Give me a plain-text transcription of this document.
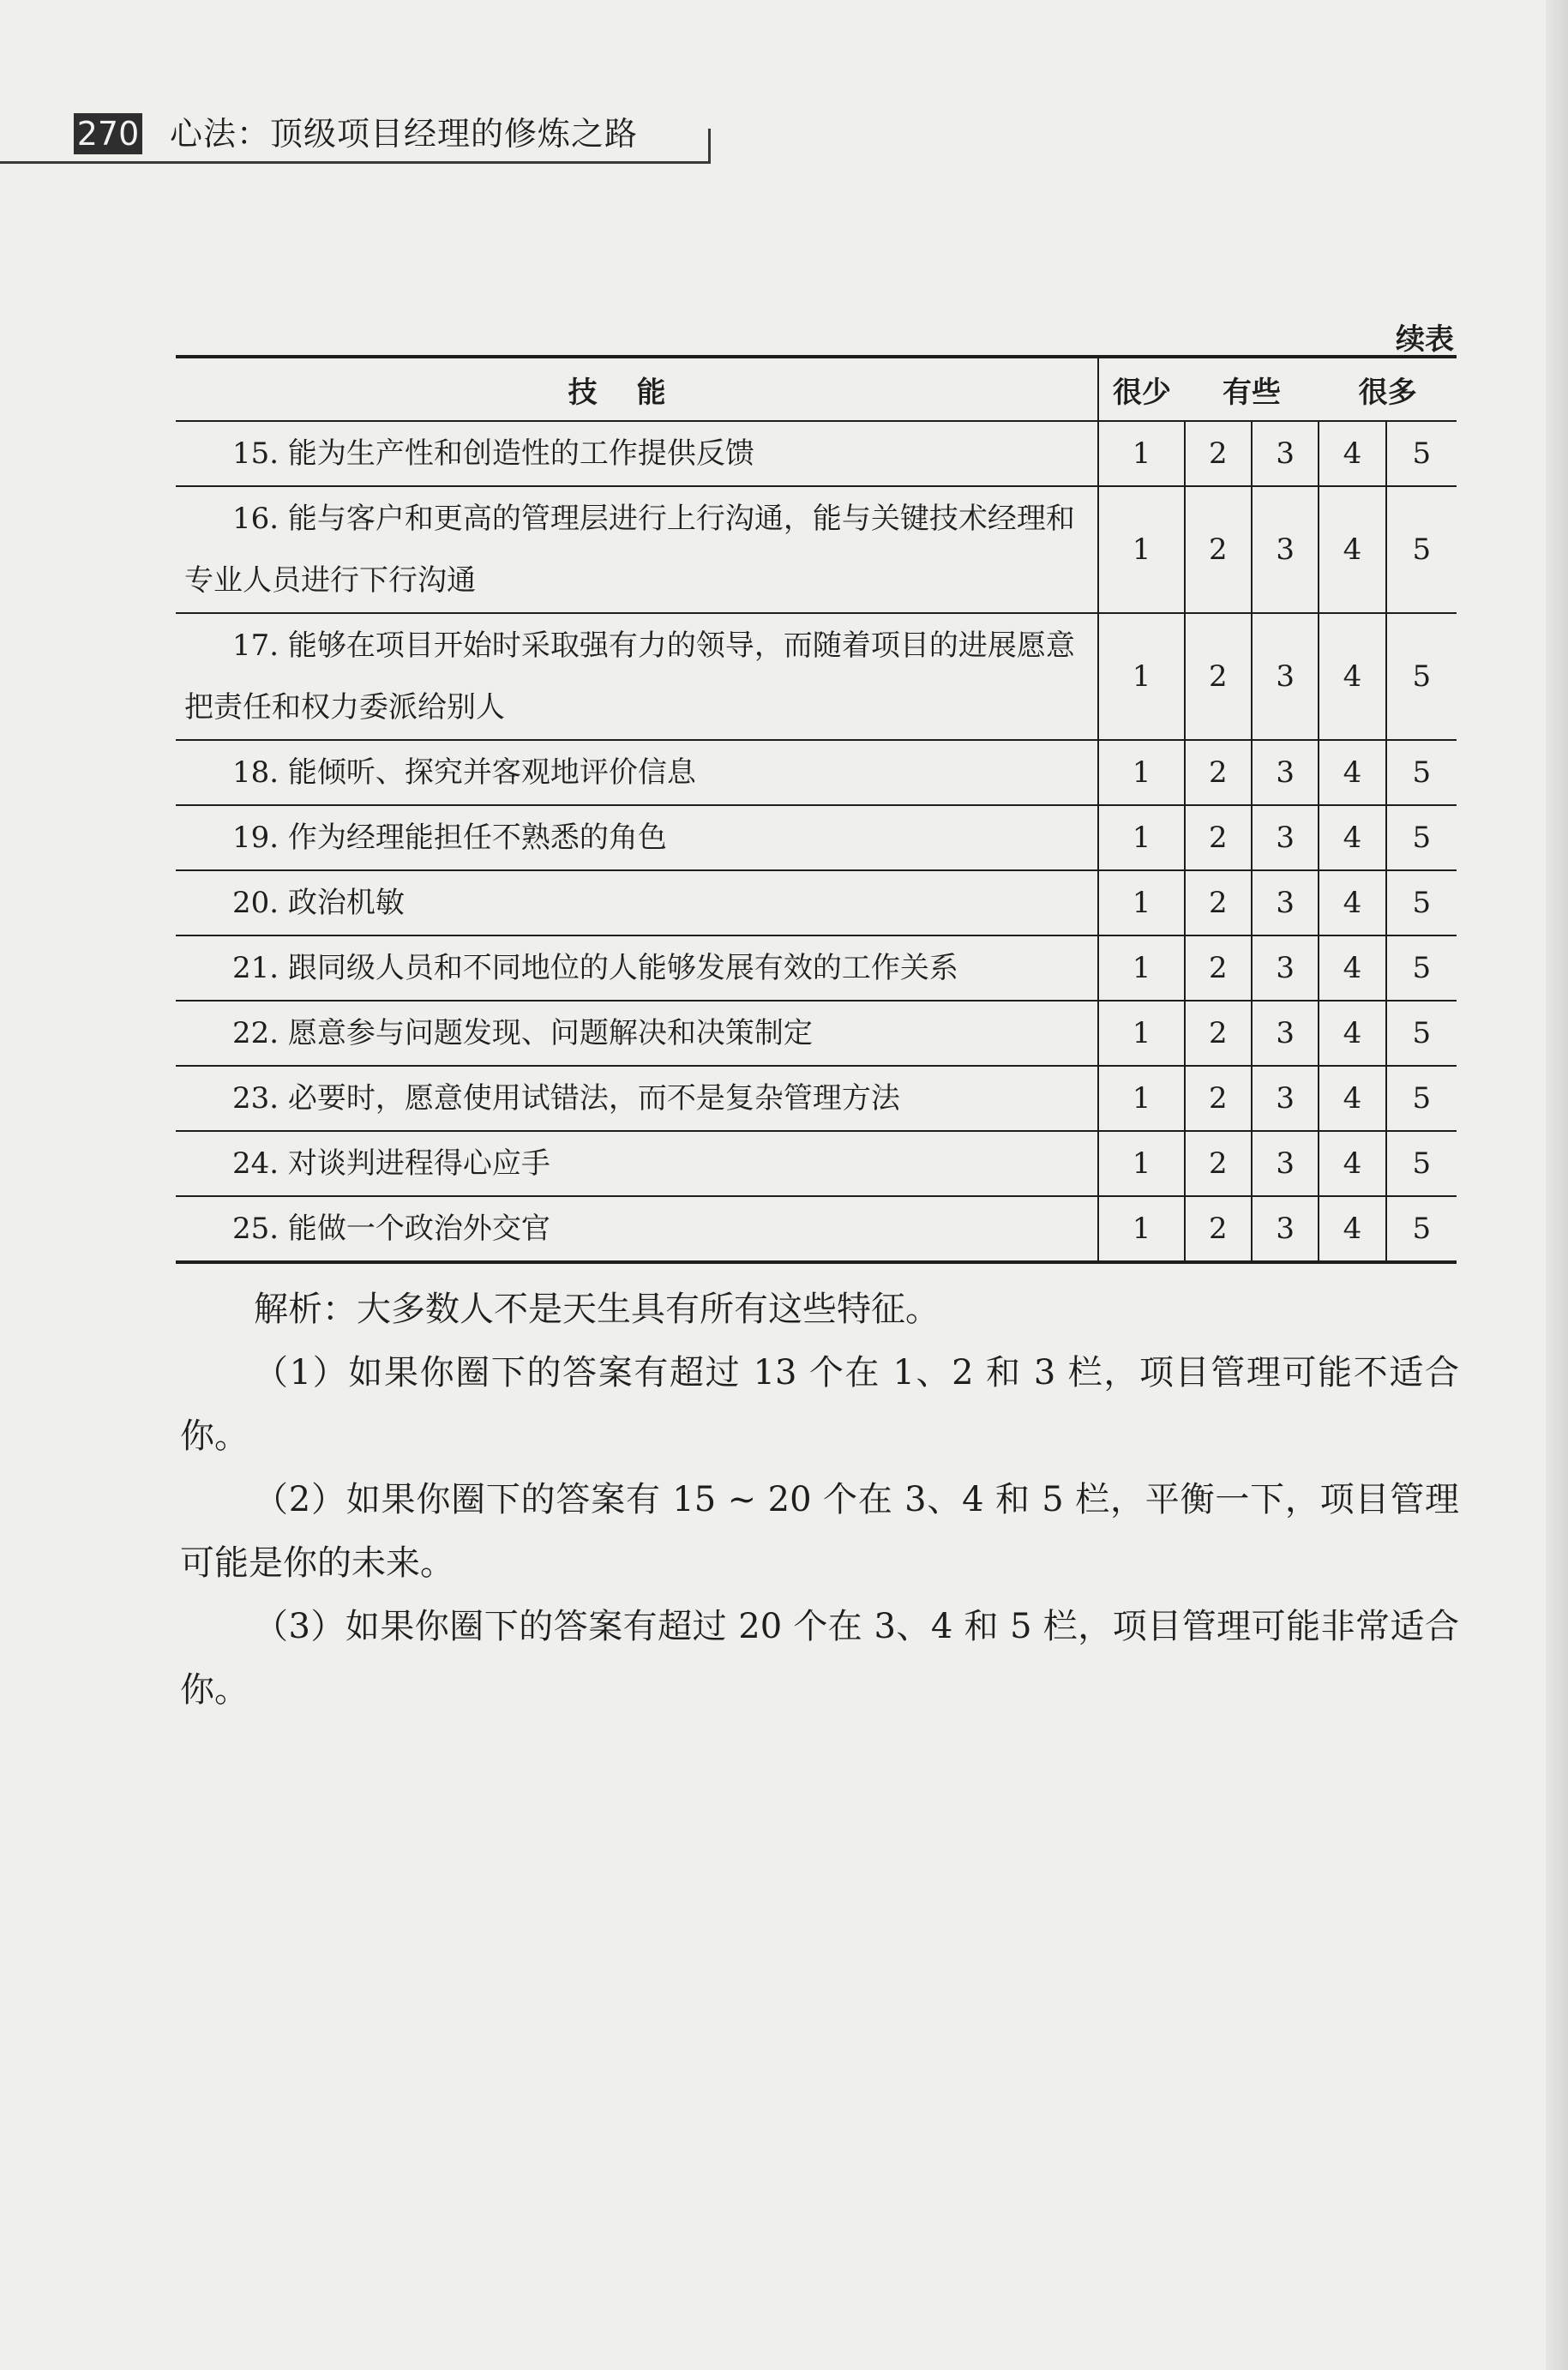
270 心法：顶级项目经理的修炼之路
续表
技能	很少	有些		很多	
15. 能为生产性和创造性的工作提供反馈	1	2	3	4	5
16. 能与客户和更高的管理层进行上行沟通，能与关键技术经理和专业人员进行下行沟通	1	2	3	4	5
17. 能够在项目开始时采取强有力的领导，而随着项目的进展愿意把责任和权力委派给别人	1	2	3	4	5
18. 能倾听、探究并客观地评价信息	1	2	3	4	5
19. 作为经理能担任不熟悉的角色	1	2	3	4	5
20. 政治机敏	1	2	3	4	5
21. 跟同级人员和不同地位的人能够发展有效的工作关系	1	2	3	4	5
22. 愿意参与问题发现、问题解决和决策制定	1	2	3	4	5
23. 必要时，愿意使用试错法，而不是复杂管理方法	1	2	3	4	5
24. 对谈判进程得心应手	1	2	3	4	5
25. 能做一个政治外交官	1	2	3	4	5

解析：大多数人不是天生具有所有这些特征。

（1）如果你圈下的答案有超过 13 个在 1、2 和 3 栏，项目管理可能不适合你。

（2）如果你圈下的答案有 15 ~ 20 个在 3、4 和 5 栏，平衡一下，项目管理可能是你的未来。

（3）如果你圈下的答案有超过 20 个在 3、4 和 5 栏，项目管理可能非常适合你。
